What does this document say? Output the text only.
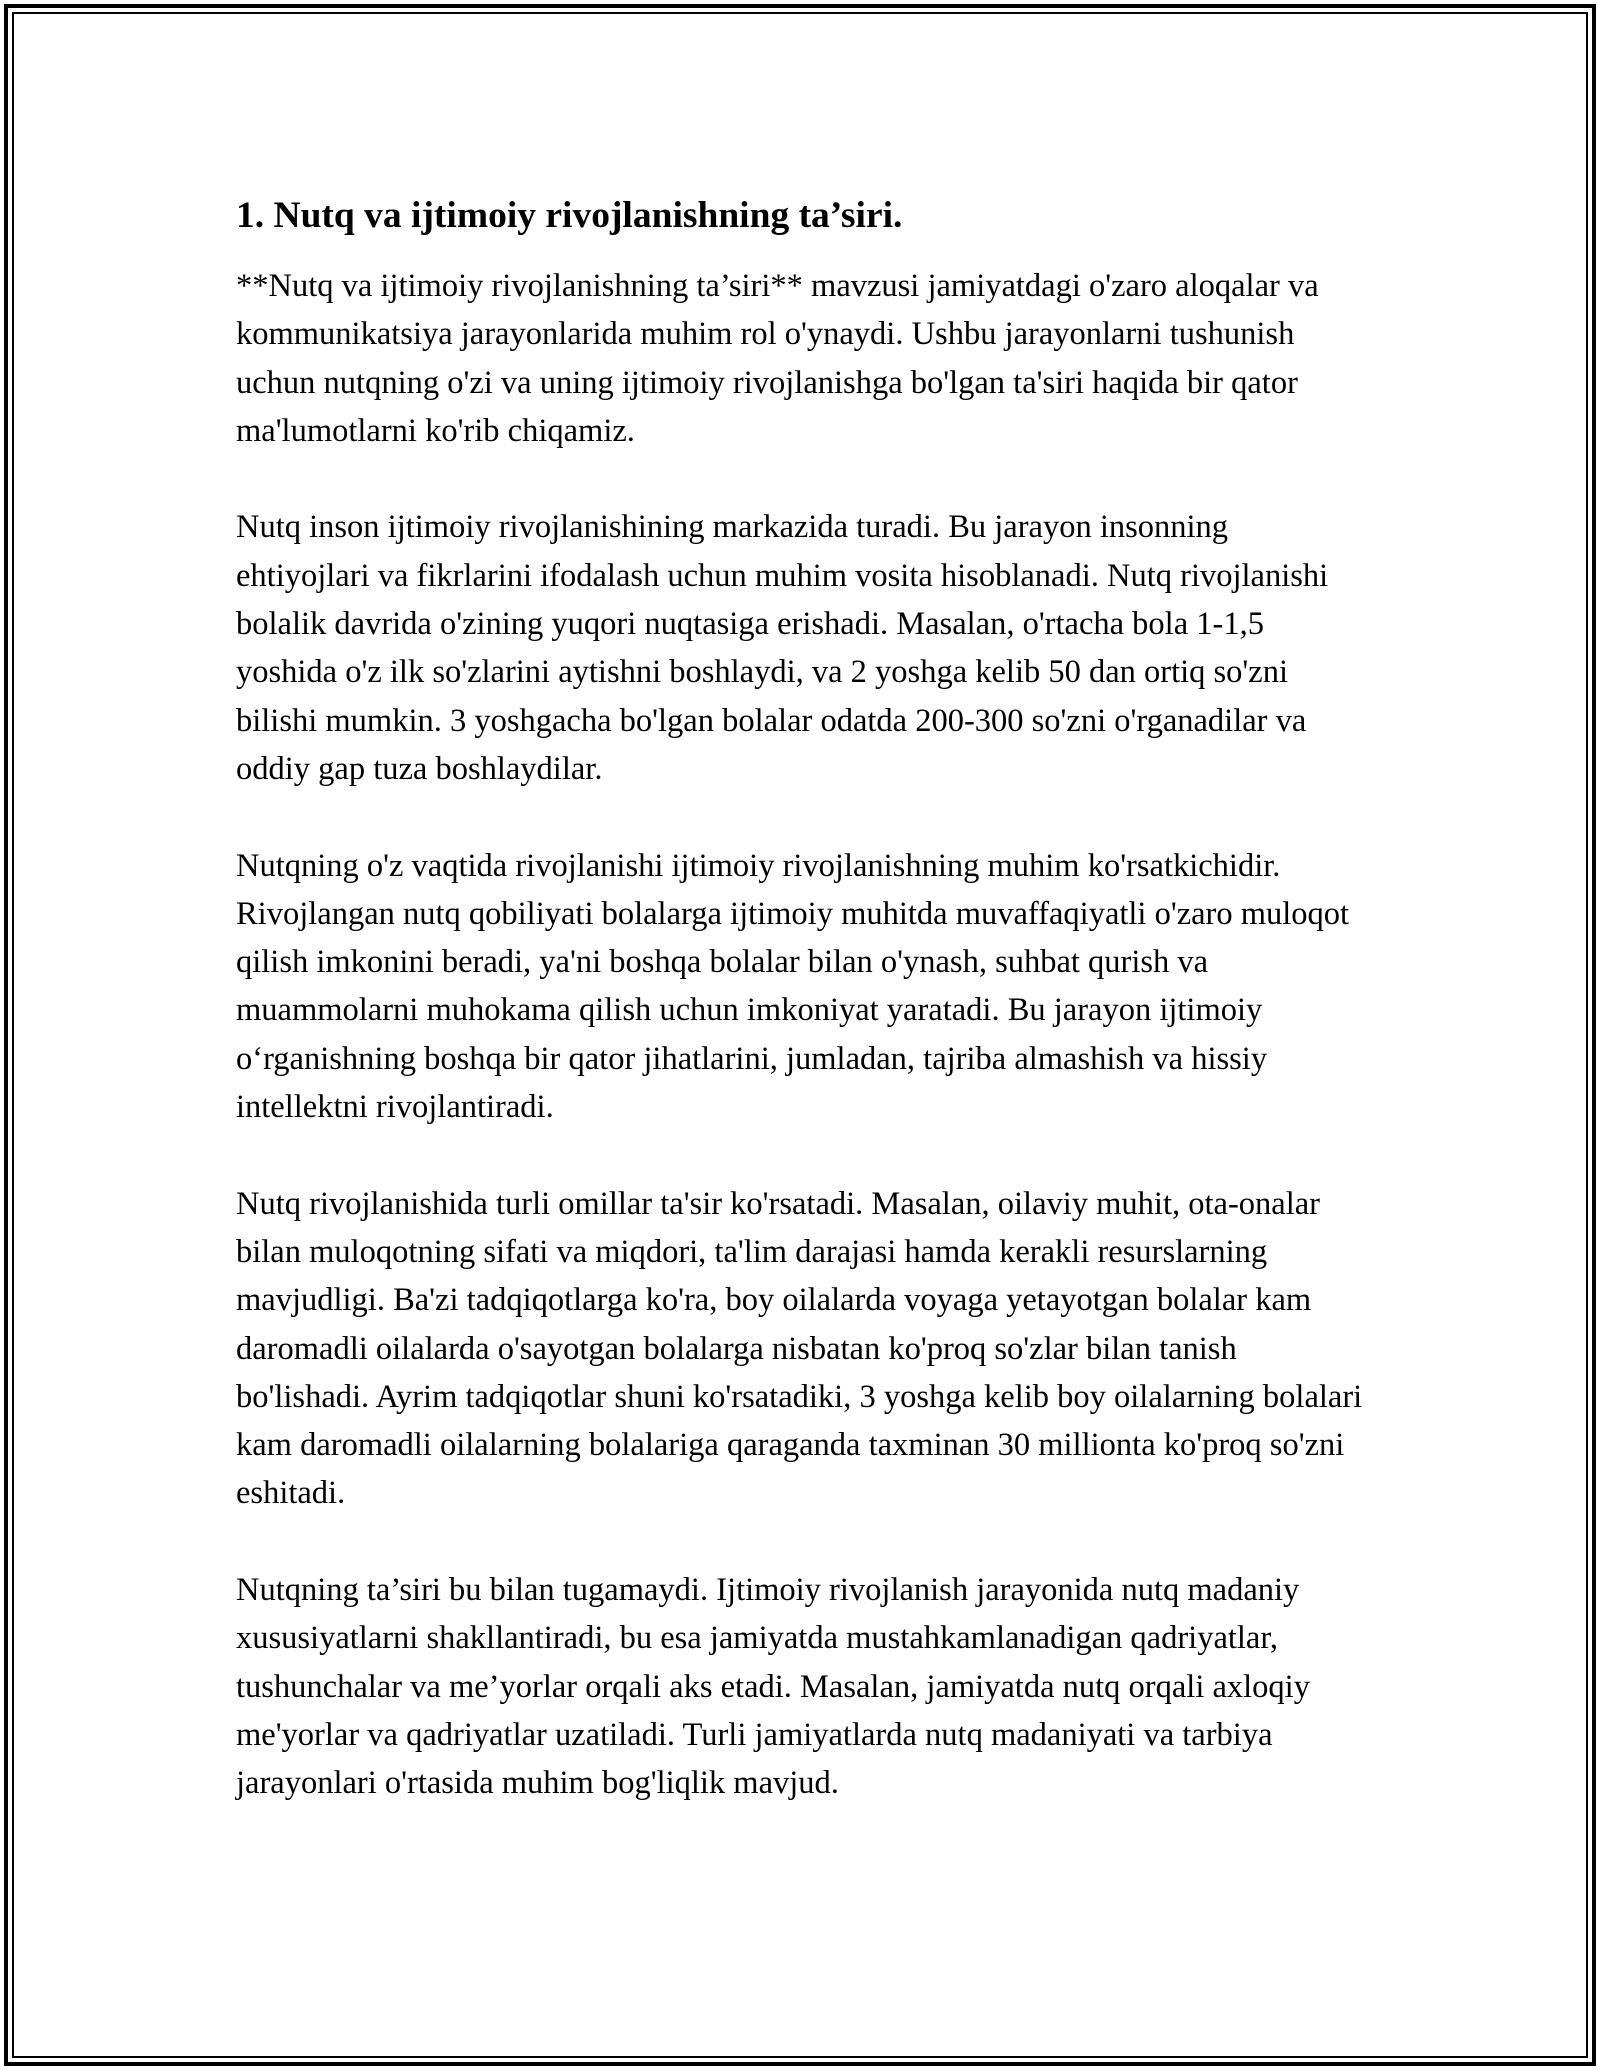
1. Nutq va ijtimoiy rivojlanishning ta’siri.

**Nutq va ijtimoiy rivojlanishning ta’siri** mavzusi jamiyatdagi o'zaro aloqalar va kommunikatsiya jarayonlarida muhim rol o'ynaydi. Ushbu jarayonlarni tushunish uchun nutqning o'zi va uning ijtimoiy rivojlanishga bo'lgan ta'siri haqida bir qator ma'lumotlarni ko'rib chiqamiz.

Nutq inson ijtimoiy rivojlanishining markazida turadi. Bu jarayon insonning ehtiyojlari va fikrlarini ifodalash uchun muhim vosita hisoblanadi. Nutq rivojlanishi bolalik davrida o'zining yuqori nuqtasiga erishadi. Masalan, o'rtacha bola 1-1,5 yoshida o'z ilk so'zlarini aytishni boshlaydi, va 2 yoshga kelib 50 dan ortiq so'zni bilishi mumkin. 3 yoshgacha bo'lgan bolalar odatda 200-300 so'zni o'rganadilar va oddiy gap tuza boshlaydilar.

Nutqning o'z vaqtida rivojlanishi ijtimoiy rivojlanishning muhim ko'rsatkichidir. Rivojlangan nutq qobiliyati bolalarga ijtimoiy muhitda muvaffaqiyatli o'zaro muloqot qilish imkonini beradi, ya'ni boshqa bolalar bilan o'ynash, suhbat qurish va muammolarni muhokama qilish uchun imkoniyat yaratadi. Bu jarayon ijtimoiy o‘rganishning boshqa bir qator jihatlarini, jumladan, tajriba almashish va hissiy intellektni rivojlantiradi.

Nutq rivojlanishida turli omillar ta'sir ko'rsatadi. Masalan, oilaviy muhit, ota-onalar bilan muloqotning sifati va miqdori, ta'lim darajasi hamda kerakli resurslarning mavjudligi. Ba'zi tadqiqotlarga ko'ra, boy oilalarda voyaga yetayotgan bolalar kam daromadli oilalarda o'sayotgan bolalarga nisbatan ko'proq so'zlar bilan tanish bo'lishadi. Ayrim tadqiqotlar shuni ko'rsatadiki, 3 yoshga kelib boy oilalarning bolalari kam daromadli oilalarning bolalariga qaraganda taxminan 30 millionta ko'proq so'zni eshitadi.

Nutqning ta’siri bu bilan tugamaydi. Ijtimoiy rivojlanish jarayonida nutq madaniy xususiyatlarni shakllantiradi, bu esa jamiyatda mustahkamlanadigan qadriyatlar, tushunchalar va me’yorlar orqali aks etadi. Masalan, jamiyatda nutq orqali axloqiy me'yorlar va qadriyatlar uzatiladi. Turli jamiyatlarda nutq madaniyati va tarbiya jarayonlari o'rtasida muhim bog'liqlik mavjud.
